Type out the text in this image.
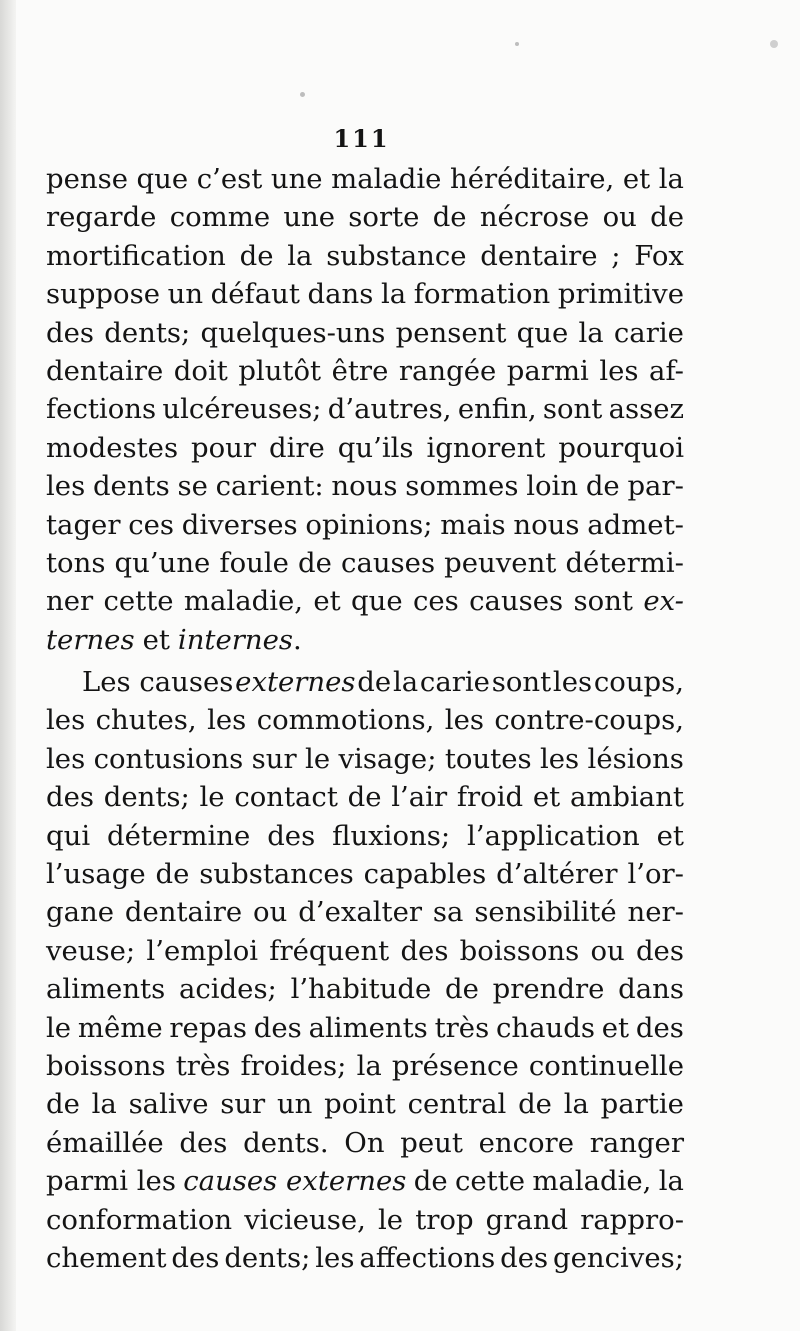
111
pense que c’est une maladie héréditaire, et la
regarde comme une sorte de nécrose ou de
mortification de la substance dentaire ; Fox
suppose un défaut dans la formation primitive
des dents; quelques-uns pensent que la carie
dentaire doit plutôt être rangée parmi les af-
fections ulcéreuses; d’autres, enfin, sont assez
modestes pour dire qu’ils ignorent pourquoi
les dents se carient: nous sommes loin de par-
tager ces diverses opinions; mais nous admet-
tons qu’une foule de causes peuvent détermi-
ner cette maladie, et que ces causes sont ex-
ternes et internes .
Les causes externes de la carie sont les coups,
les chutes, les commotions, les contre-coups,
les contusions sur le visage; toutes les lésions
des dents; le contact de l’air froid et ambiant
qui détermine des fluxions; l’application et
l’usage de substances capables d’altérer l’or-
gane dentaire ou d’exalter sa sensibilité ner-
veuse; l’emploi fréquent des boissons ou des
aliments acides; l’habitude de prendre dans
le même repas des aliments très chauds et des
boissons très froides; la présence continuelle
de la salive sur un point central de la partie
émaillée des dents. On peut encore ranger
parmi les causes externes de cette maladie, la
conformation vicieuse, le trop grand rappro-
chement des dents; les affections des gencives;
